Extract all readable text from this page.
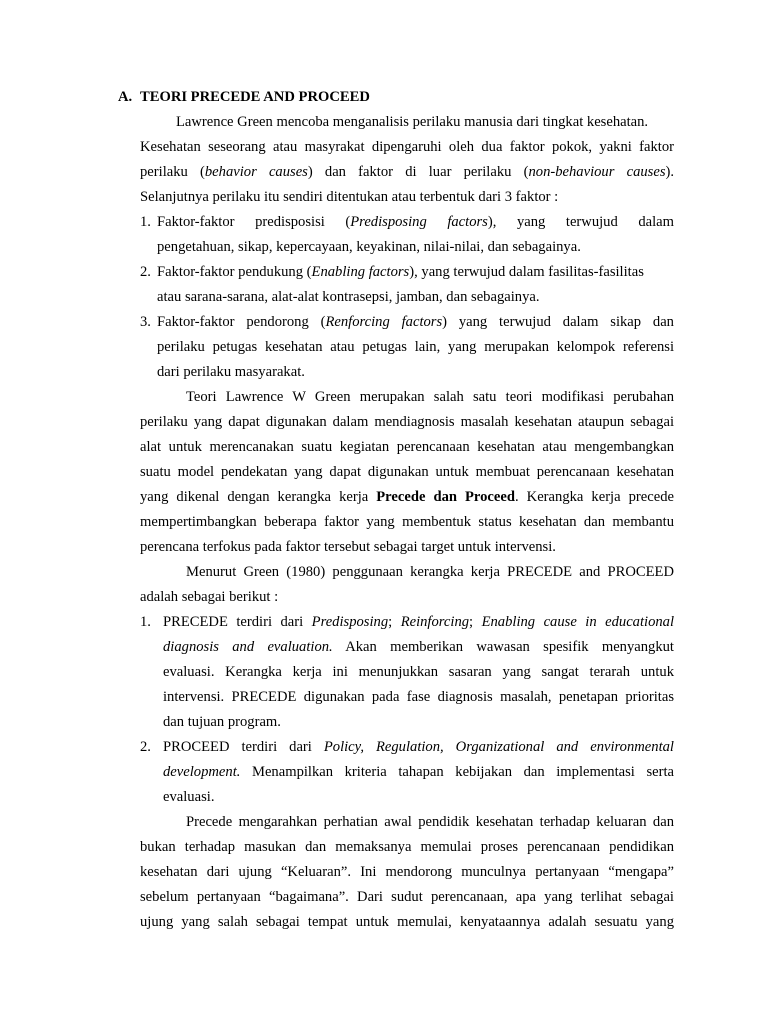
A. TEORI PRECEDE AND PROCEED
Lawrence Green mencoba menganalisis perilaku manusia dari tingkat kesehatan.
Kesehatan seseorang atau masyrakat dipengaruhi oleh dua faktor pokok, yakni faktor
perilaku (behavior causes) dan faktor di luar perilaku (non-behaviour causes).
Selanjutnya perilaku itu sendiri ditentukan atau terbentuk dari 3 faktor :
1. Faktor-faktor predisposisi (Predisposing factors), yang terwujud dalam
pengetahuan, sikap, kepercayaan, keyakinan, nilai-nilai, dan sebagainya.
2. Faktor-faktor pendukung (Enabling factors), yang terwujud dalam fasilitas-fasilitas
atau sarana-sarana, alat-alat kontrasepsi, jamban, dan sebagainya.
3. Faktor-faktor pendorong (Renforcing factors) yang terwujud dalam sikap dan
perilaku petugas kesehatan atau petugas lain, yang merupakan kelompok referensi
dari perilaku masyarakat.
Teori Lawrence W Green merupakan salah satu teori modifikasi perubahan
perilaku yang dapat digunakan dalam mendiagnosis masalah kesehatan ataupun sebagai
alat untuk merencanakan suatu kegiatan perencanaan kesehatan atau mengembangkan
suatu model pendekatan yang dapat digunakan untuk membuat perencanaan kesehatan
yang dikenal dengan kerangka kerja Precede dan Proceed. Kerangka kerja precede
mempertimbangkan beberapa faktor yang membentuk status kesehatan dan membantu
perencana terfokus pada faktor tersebut sebagai target untuk intervensi.
Menurut Green (1980) penggunaan kerangka kerja PRECEDE and PROCEED
adalah sebagai berikut :
1. PRECEDE terdiri dari Predisposing; Reinforcing; Enabling cause in educational
diagnosis and evaluation. Akan memberikan wawasan spesifik menyangkut
evaluasi. Kerangka kerja ini menunjukkan sasaran yang sangat terarah untuk
intervensi. PRECEDE digunakan pada fase diagnosis masalah, penetapan prioritas
dan tujuan program.
2. PROCEED terdiri dari Policy, Regulation, Organizational and environmental
development. Menampilkan kriteria tahapan kebijakan dan implementasi serta
evaluasi.
Precede mengarahkan perhatian awal pendidik kesehatan terhadap keluaran dan
bukan terhadap masukan dan memaksanya memulai proses perencanaan pendidikan
kesehatan dari ujung “Keluaran”. Ini mendorong munculnya pertanyaan “mengapa”
sebelum pertanyaan “bagaimana”. Dari sudut perencanaan, apa yang terlihat sebagai
ujung yang salah sebagai tempat untuk memulai, kenyataannya adalah sesuatu yang
